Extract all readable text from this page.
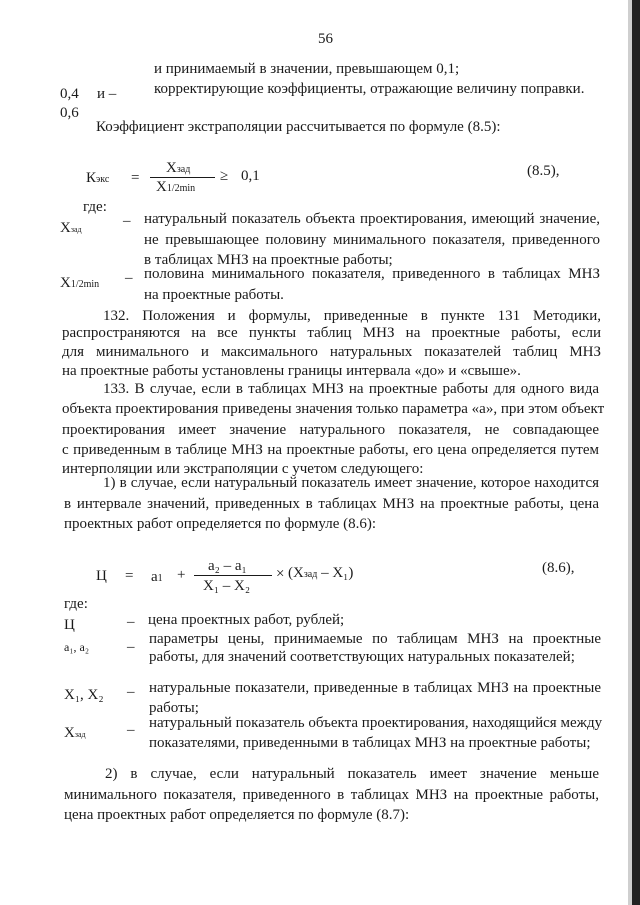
56
и принимаемый в значении, превышающем 0,1;
0,4 и –	корректирующие коэффициенты, отражающие величину поправки.
0,6
Коэффициент экстраполяции рассчитывается по формуле (8.5):
Кэкс =
Хзад
Х1/2min
≥ 0,1	(8.5),
где:
Хзад
– натуральный показатель объекта проектирования, имеющий значение,
не превышающее половину минимального показателя, приведенного
в таблицах МНЗ на проектные работы;
Х1/2min – половина минимального показателя, приведенного в таблицах МНЗ
на проектные работы.
132. Положения и формулы, приведенные в пункте 131 Методики,
распространяются на все пункты таблиц МНЗ на проектные работы, если
для минимального и максимального натуральных показателей таблиц МНЗ
на проектные работы установлены границы интервала «до» и «свыше».
133. В случае, если в таблицах МНЗ на проектные работы для одного вида
объекта проектирования приведены значения только параметра «а», при этом объект
проектирования имеет значение натурального показателя, не совпадающее
с приведенным в таблице МНЗ на проектные работы, его цена определяется путем
интерполяции или экстраполяции с учетом следующего:
1) в случае, если натуральный показатель имеет значение, которое находится
в интервале значений, приведенных в таблицах МНЗ на проектные работы, цена
проектных работ определяется по формуле (8.6):
Ц = a1 +
a₂ – a₁
Х₁ – Х₂
× (Хзад – Х₁)	(8.6),
где:
Ц	– цена проектных работ, рублей;
a₁, a₂	– параметры цены, принимаемые по таблицам МНЗ на проектные
работы, для значений соответствующих натуральных показателей;
Х₁, Х₂ – натуральные показатели, приведенные в таблицах МНЗ на проектные
работы;
Хзад	– натуральный показатель объекта проектирования, находящийся между
показателями, приведенными в таблицах МНЗ на проектные работы;
2) в случае, если натуральный показатель имеет значение меньше
минимального показателя, приведенного в таблицах МНЗ на проектные работы,
цена проектных работ определяется по формуле (8.7):
